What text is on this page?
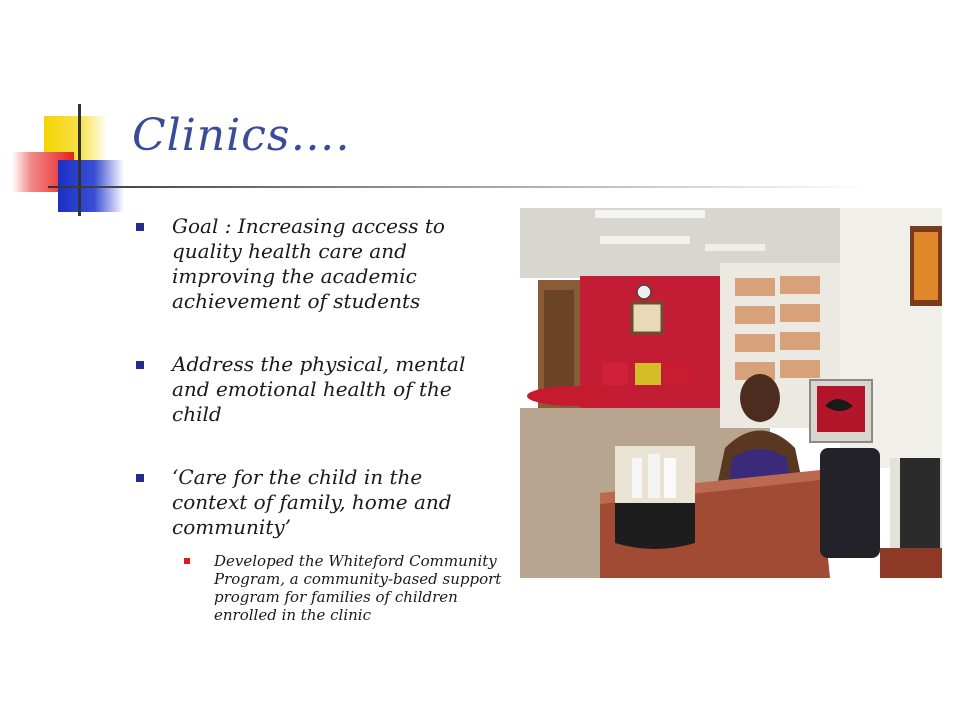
Clinics….
Goal : Increasing access to quality health care and improving the academic achievement of students
Address the physical, mental and emotional health of the child
‘Care for the child in the context of family, home and community’
Developed the Whiteford Community Program, a community-based support program for families of children enrolled in the clinic
